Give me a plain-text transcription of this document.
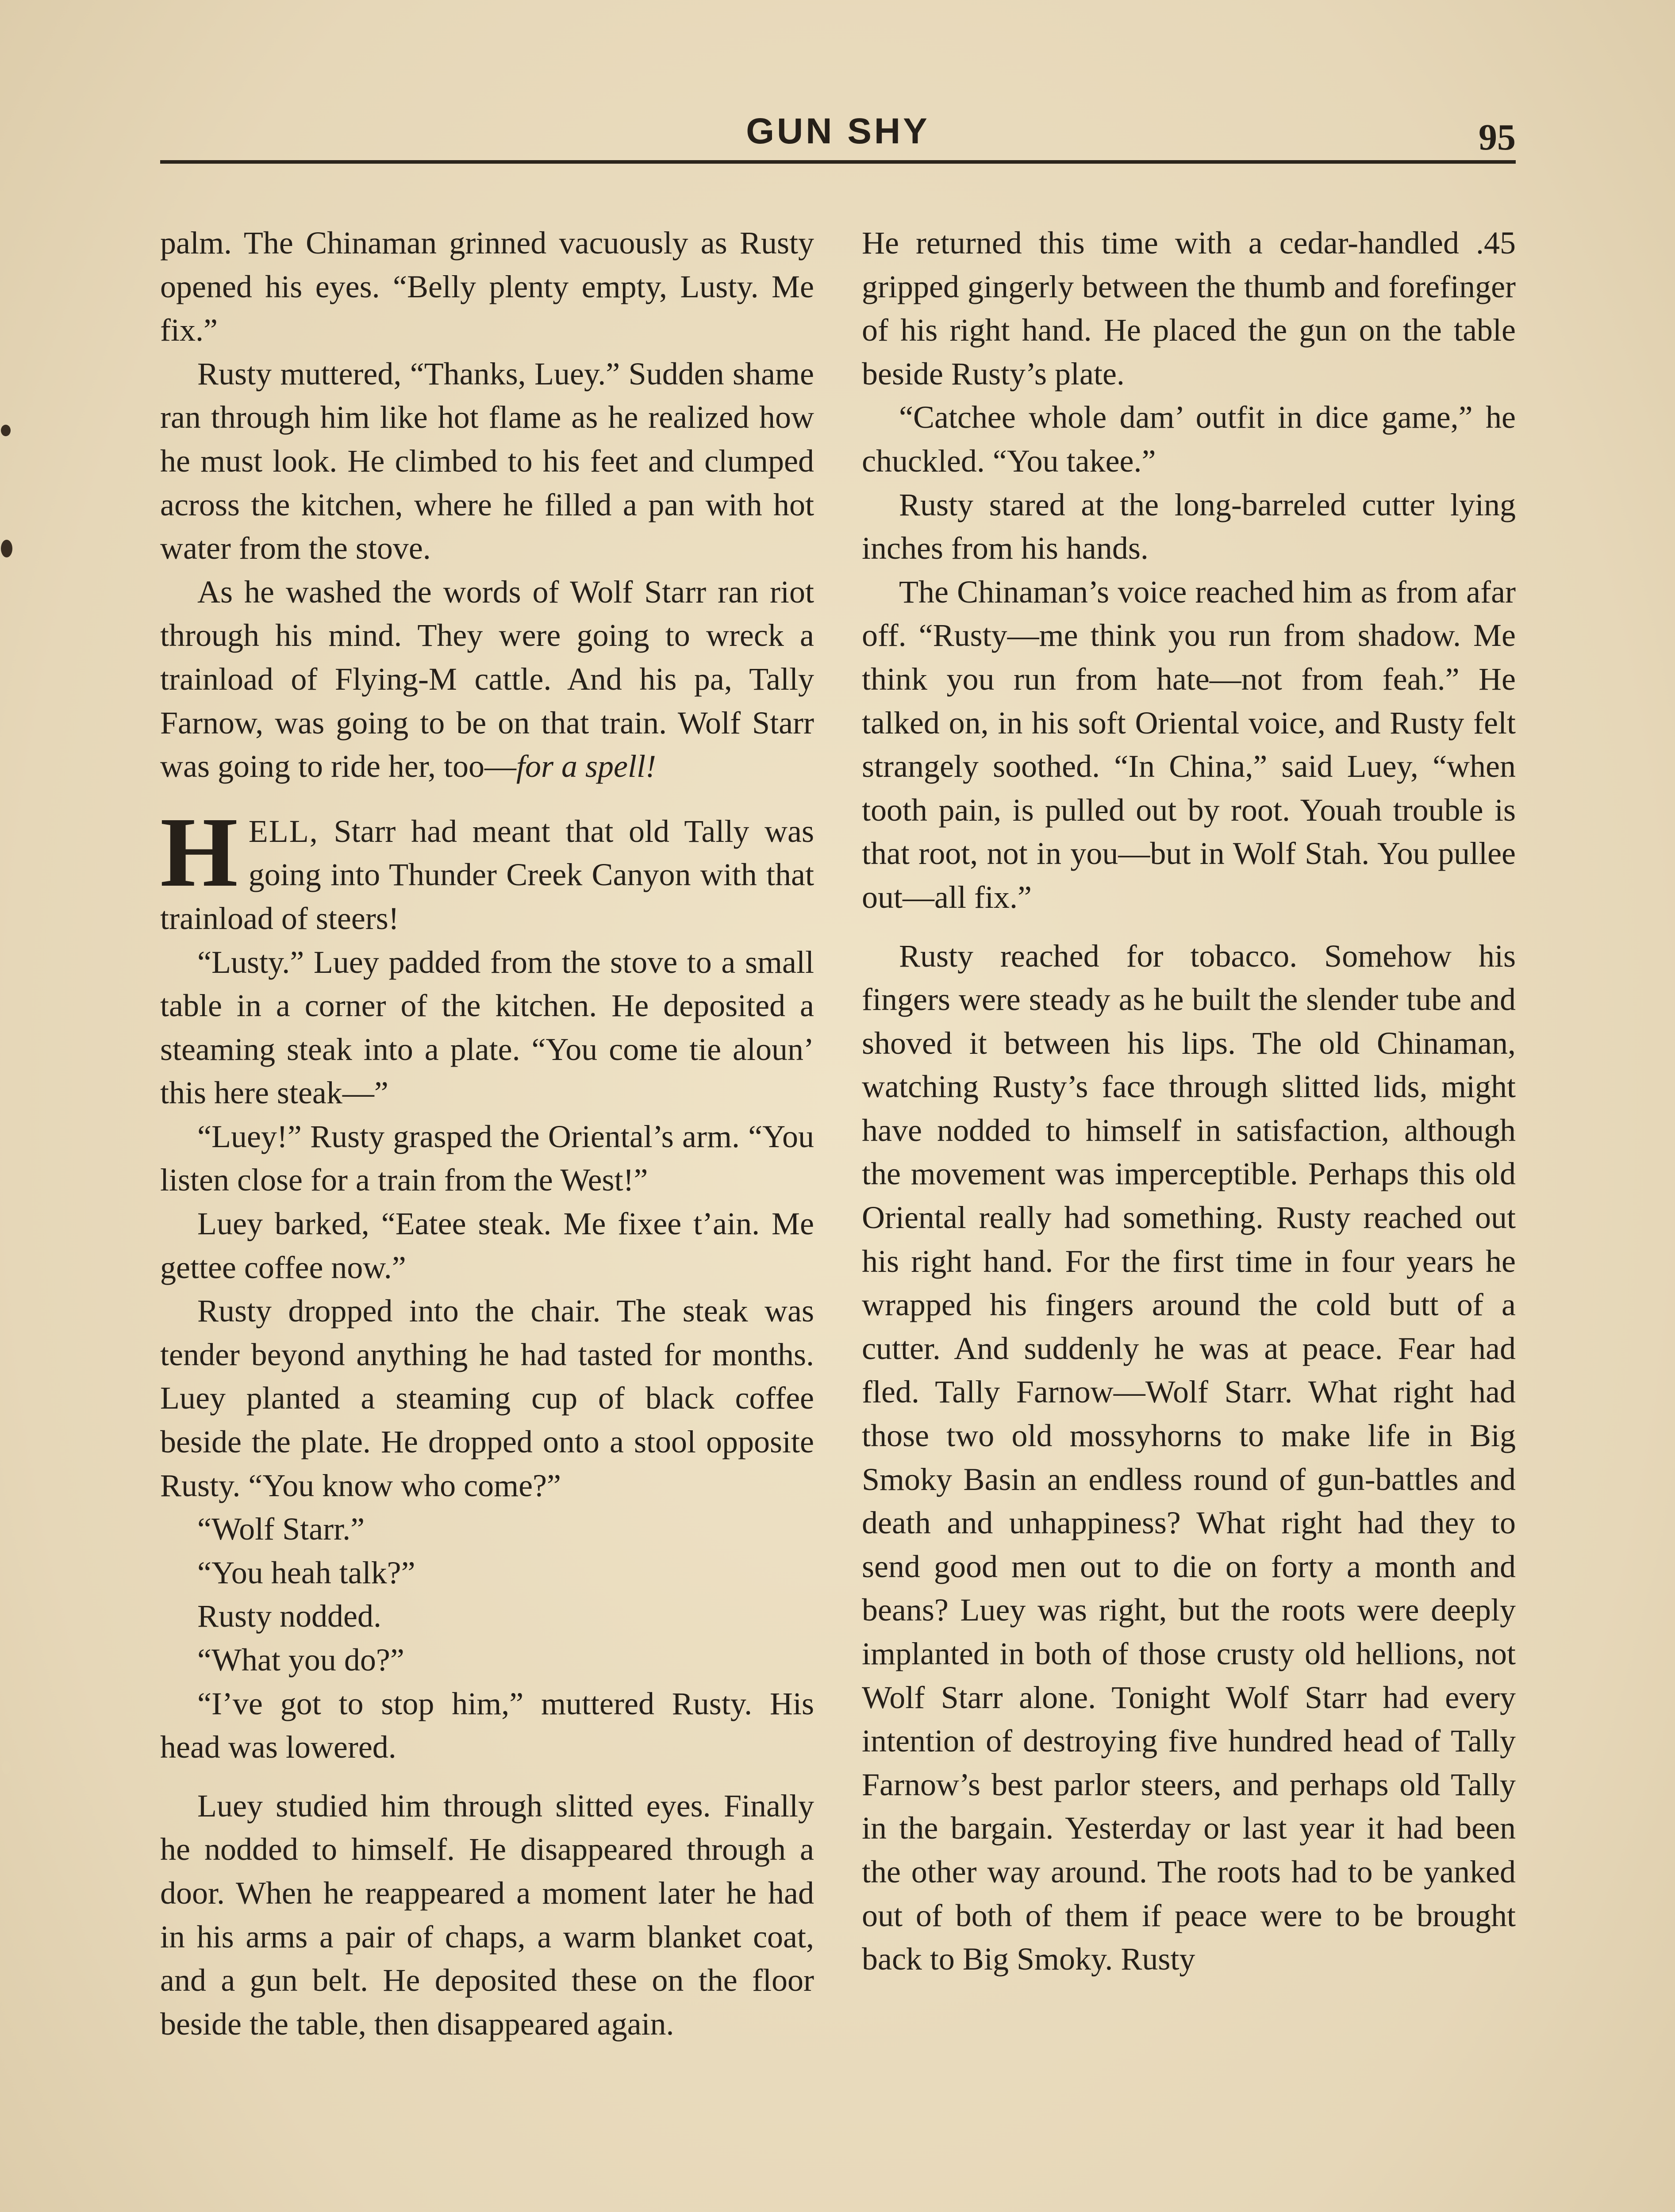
GUN SHY	95

palm. The Chinaman grinned vacuously as Rusty opened his eyes. “Belly plenty empty, Lusty. Me fix.”

Rusty muttered, “Thanks, Luey.” Sudden shame ran through him like hot flame as he realized how he must look. He climbed to his feet and clumped across the kitchen, where he filled a pan with hot water from the stove.

As he washed the words of Wolf Starr ran riot through his mind. They were going to wreck a trainload of Flying-M cattle. And his pa, Tally Farnow, was going to be on that train. Wolf Starr was going to ride her, too—for a spell!

HELL, Starr had meant that old Tally was going into Thunder Creek Canyon with that trainload of steers!

“Lusty.” Luey padded from the stove to a small table in a corner of the kitchen. He deposited a steaming steak into a plate. “You come tie aloun’ this here steak—”

“Luey!” Rusty grasped the Oriental’s arm. “You listen close for a train from the West!”

Luey barked, “Eatee steak. Me fixee t’ain. Me gettee coffee now.”

Rusty dropped into the chair. The steak was tender beyond anything he had tasted for months. Luey planted a steaming cup of black coffee beside the plate. He dropped onto a stool opposite Rusty. “You know who come?”

“Wolf Starr.”

“You heah talk?”

Rusty nodded.

“What you do?”

“I’ve got to stop him,” muttered Rusty. His head was lowered.

Luey studied him through slitted eyes. Finally he nodded to himself. He disappeared through a door. When he reappeared a moment later he had in his arms a pair of chaps, a warm blanket coat, and a gun belt. He deposited these on the floor beside the table, then disappeared again.

He returned this time with a cedar-handled .45 gripped gingerly between the thumb and forefinger of his right hand. He placed the gun on the table beside Rusty’s plate.

“Catchee whole dam’ outfit in dice game,” he chuckled. “You takee.”

Rusty stared at the long-barreled cutter lying inches from his hands.

The Chinaman’s voice reached him as from afar off. “Rusty—me think you run from shadow. Me think you run from hate—not from feah.” He talked on, in his soft Oriental voice, and Rusty felt strangely soothed. “In China,” said Luey, “when tooth pain, is pulled out by root. Youah trouble is that root, not in you—but in Wolf Stah. You pullee out—all fix.”

Rusty reached for tobacco. Somehow his fingers were steady as he built the slender tube and shoved it between his lips. The old Chinaman, watching Rusty’s face through slitted lids, might have nodded to himself in satisfaction, although the movement was imperceptible. Perhaps this old Oriental really had something. Rusty reached out his right hand. For the first time in four years he wrapped his fingers around the cold butt of a cutter. And suddenly he was at peace. Fear had fled. Tally Farnow—Wolf Starr. What right had those two old mossyhorns to make life in Big Smoky Basin an endless round of gun-battles and death and unhappiness? What right had they to send good men out to die on forty a month and beans? Luey was right, but the roots were deeply implanted in both of those crusty old hellions, not Wolf Starr alone. Tonight Wolf Starr had every intention of destroying five hundred head of Tally Farnow’s best parlor steers, and perhaps old Tally in the bargain. Yesterday or last year it had been the other way around. The roots had to be yanked out of both of them if peace were to be brought back to Big Smoky. Rusty
